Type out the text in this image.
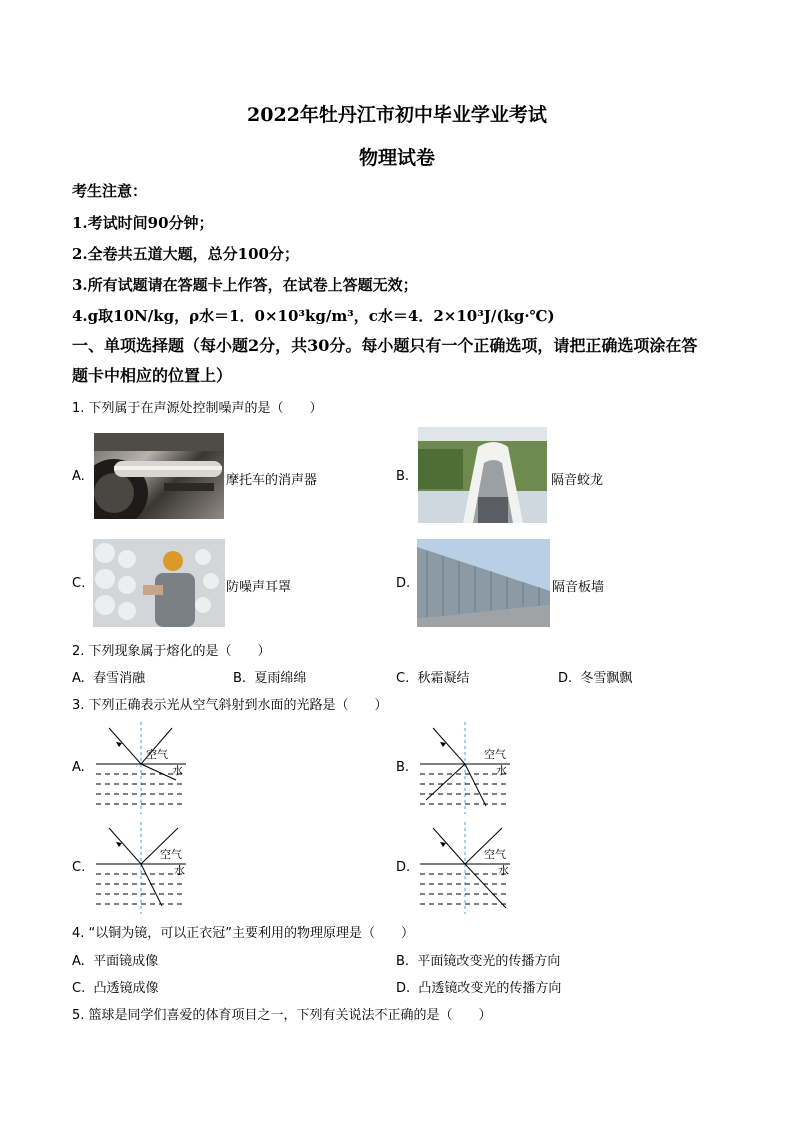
2022年牡丹江市初中毕业学业考试
物理试卷
考生注意：
1.考试时间90分钟；
2.全卷共五道大题，总分100分；
3.所有试题请在答题卡上作答，在试卷上答题无效；
4.g取10N/kg，ρ水＝1．0×10³kg/m³，c水＝4．2×10³J/(kg·℃)
一、单项选择题（每小题2分，共30分。每小题只有一个正确选项，请把正确选项涂在答
题卡中相应的位置上）
1. 下列属于在声源处控制噪声的是（　　）
A.	摩托车的消声器	B.	隔音蛟龙
C.	防噪声耳罩	D.	隔音板墙
2. 下列现象属于熔化的是（　　）
A. 春雪消融	B. 夏雨绵绵	C. 秋霜凝结	D. 冬雪飘飘
3. 下列正确表示光从空气斜射到水面的光路是（　　）
A.
空气
水	B.
空气
水
C.
空气
水	D.
空气
水
4. “以铜为镜，可以正衣冠”主要利用的物理原理是（　　）
A. 平面镜成像	B. 平面镜改变光的传播方向
C. 凸透镜成像	D. 凸透镜改变光的传播方向
5. 篮球是同学们喜爱的体育项目之一，下列有关说法不正确的是（　　）
